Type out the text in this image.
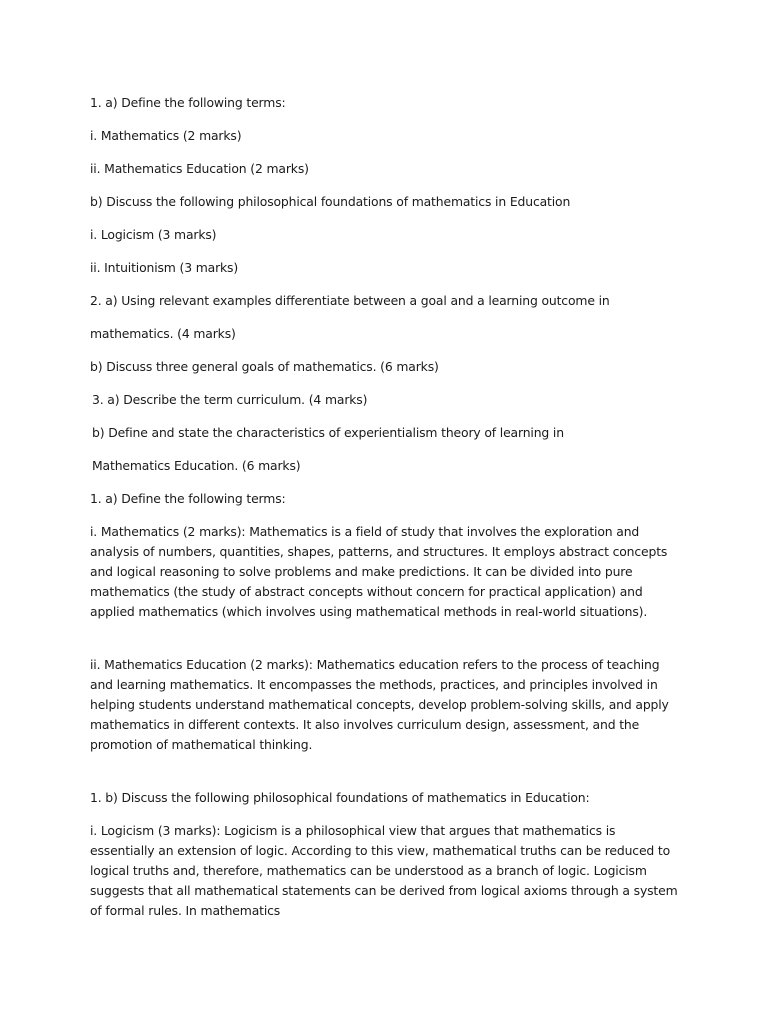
1. a) Define the following terms:

i. Mathematics (2 marks)

ii. Mathematics Education (2 marks)

b) Discuss the following philosophical foundations of mathematics in Education

i. Logicism (3 marks)

ii. Intuitionism (3 marks)

2. a) Using relevant examples differentiate between a goal and a learning outcome in

mathematics. (4 marks)

b) Discuss three general goals of mathematics. (6 marks)

3. a) Describe the term curriculum. (4 marks)

b) Define and state the characteristics of experientialism theory of learning in

Mathematics Education. (6 marks)

1. a) Define the following terms:

i. Mathematics (2 marks): Mathematics is a field of study that involves the exploration and analysis of numbers, quantities, shapes, patterns, and structures. It employs abstract concepts and logical reasoning to solve problems and make predictions. It can be divided into pure mathematics (the study of abstract concepts without concern for practical application) and applied mathematics (which involves using mathematical methods in real-world situations).

ii. Mathematics Education (2 marks): Mathematics education refers to the process of teaching and learning mathematics. It encompasses the methods, practices, and principles involved in helping students understand mathematical concepts, develop problem-solving skills, and apply mathematics in different contexts. It also involves curriculum design, assessment, and the promotion of mathematical thinking.

1. b) Discuss the following philosophical foundations of mathematics in Education:

i. Logicism (3 marks): Logicism is a philosophical view that argues that mathematics is essentially an extension of logic. According to this view, mathematical truths can be reduced to logical truths and, therefore, mathematics can be understood as a branch of logic. Logicism suggests that all mathematical statements can be derived from logical axioms through a system of formal rules. In mathematics
